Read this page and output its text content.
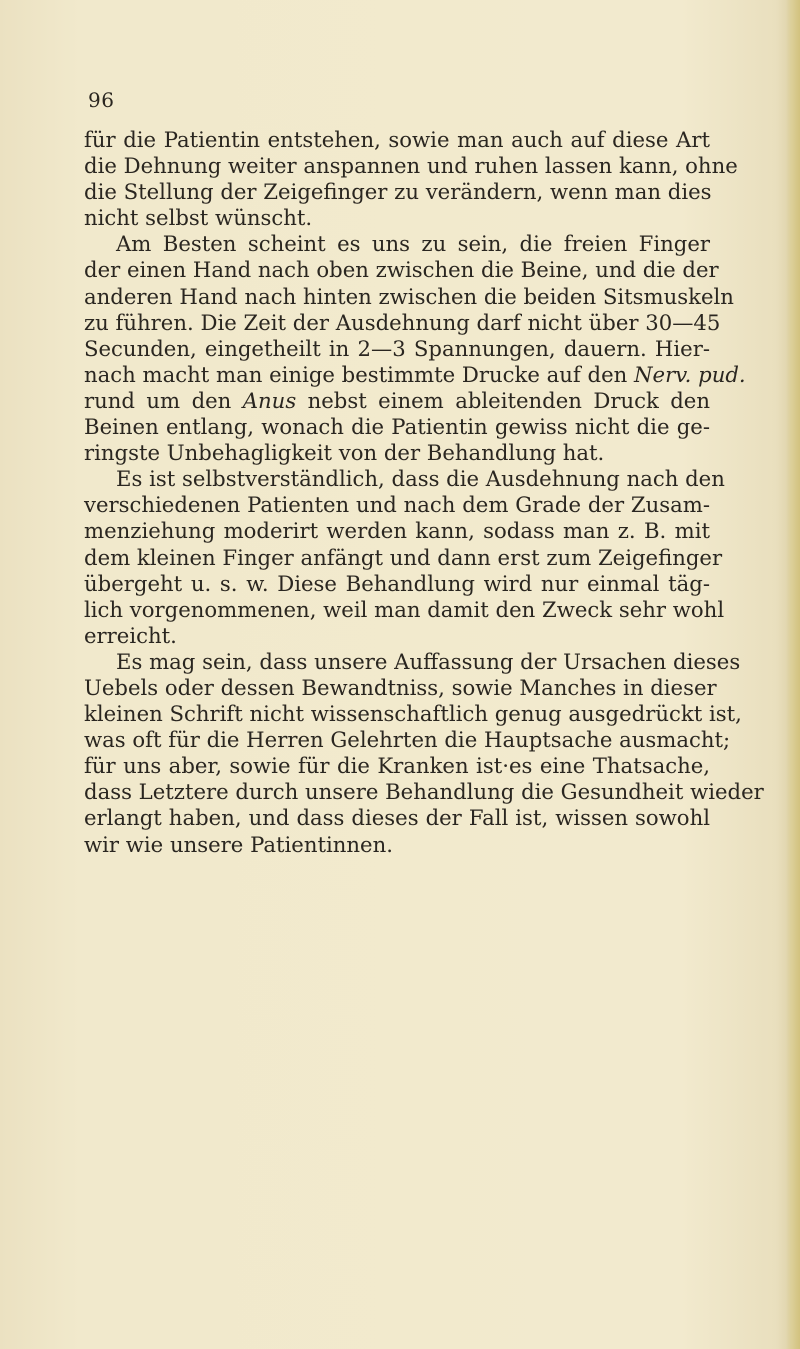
96
für die Patientin entstehen, sowie man auch auf diese Art
die Dehnung weiter anspannen und ruhen lassen kann, ohne
die Stellung der Zeigefinger zu verändern, wenn man dies
nicht selbst wünscht.
Am Besten scheint es uns zu sein, die freien Finger
der einen Hand nach oben zwischen die Beine, und die der
anderen Hand nach hinten zwischen die beiden Sitsmuskeln
zu führen. Die Zeit der Ausdehnung darf nicht über 30—45
Secunden, eingetheilt in 2—3 Spannungen, dauern. Hier-
nach macht man einige bestimmte Drucke auf den Nerv. pud.
rund um den Anus nebst einem ableitenden Druck den
Beinen entlang, wonach die Patientin gewiss nicht die ge-
ringste Unbehagligkeit von der Behandlung hat.
Es ist selbstverständlich, dass die Ausdehnung nach den
verschiedenen Patienten und nach dem Grade der Zusam-
menziehung moderirt werden kann, sodass man z. B. mit
dem kleinen Finger anfängt und dann erst zum Zeigefinger
übergeht u. s. w. Diese Behandlung wird nur einmal täg-
lich vorgenommenen, weil man damit den Zweck sehr wohl
erreicht.
Es mag sein, dass unsere Auffassung der Ursachen dieses
Uebels oder dessen Bewandtniss, sowie Manches in dieser
kleinen Schrift nicht wissenschaftlich genug ausgedrückt ist,
was oft für die Herren Gelehrten die Hauptsache ausmacht;
für uns aber, sowie für die Kranken ist·es eine Thatsache,
dass Letztere durch unsere Behandlung die Gesundheit wieder
erlangt haben, und dass dieses der Fall ist, wissen sowohl
wir wie unsere Patientinnen.
